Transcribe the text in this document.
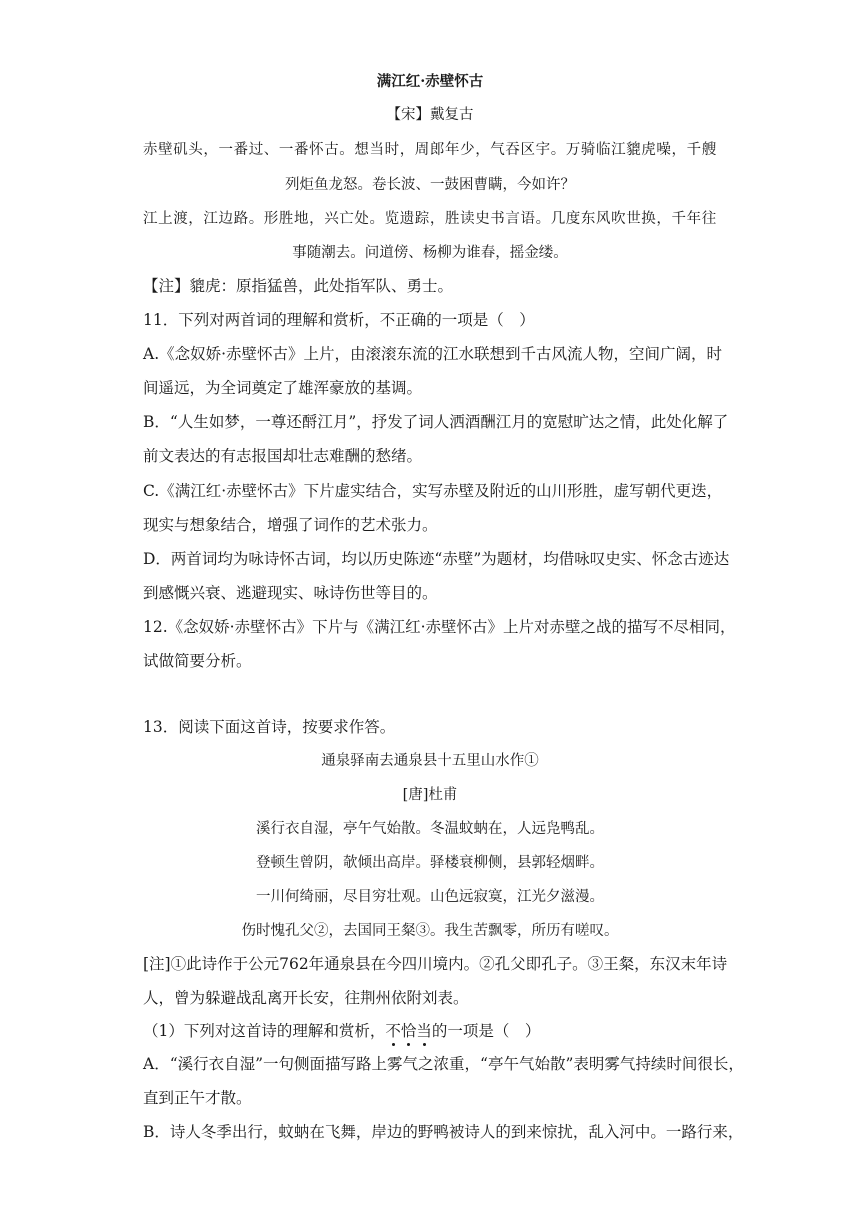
满江红·赤壁怀古
【宋】戴复古
赤壁矶头，一番过、一番怀古。想当时，周郎年少，气吞区宇。万骑临江貔虎噪，千艘
列炬鱼龙怒。卷长波、一鼓困曹瞒，今如许？
江上渡，江边路。形胜地，兴亡处。览遗踪，胜读史书言语。几度东风吹世换，千年往
事随潮去。问道傍、杨柳为谁春，摇金缕。
【注】貔虎：原指猛兽，此处指军队、勇士。
11．下列对两首词的理解和赏析，不正确的一项是（　）
A.《念奴娇·赤壁怀古》上片，由滚滚东流的江水联想到千古风流人物，空间广阔，时
间遥远，为全词奠定了雄浑豪放的基调。
B．“人生如梦，一尊还酹江月”，抒发了词人洒酒酬江月的宽慰旷达之情，此处化解了
前文表达的有志报国却壮志难酬的愁绪。
C.《满江红·赤壁怀古》下片虚实结合，实写赤壁及附近的山川形胜，虚写朝代更迭，
现实与想象结合，增强了词作的艺术张力。
D．两首词均为咏诗怀古词，均以历史陈迹“赤壁”为题材，均借咏叹史实、怀念古迹达
到感慨兴衰、逃避现实、咏诗伤世等目的。
12.《念奴娇·赤壁怀古》下片与《满江红·赤壁怀古》上片对赤壁之战的描写不尽相同，
试做简要分析。
13．阅读下面这首诗，按要求作答。
通泉驿南去通泉县十五里山水作①
[唐]杜甫
溪行衣自湿，亭午气始散。冬温蚊蚋在，人远凫鸭乱。
登顿生曾阴，欹倾出高岸。驿楼衰柳侧，县郭轻烟畔。
一川何绮丽，尽目穷壮观。山色远寂寞，江光夕滋漫。
伤时愧孔父②，去国同王粲③。我生苦飘零，所历有嗟叹。
[注]①此诗作于公元762年通泉县在今四川境内。②孔父即孔子。③王粲，东汉末年诗
人，曾为躲避战乱离开长安，往荆州依附刘表。
（1）下列对这首诗的理解和赏析，不
恰
当
的一项是（　）
A．“溪行衣自湿”一句侧面描写路上雾气之浓重，“亭午气始散”表明雾气持续时间很长，
直到正午才散。
B．诗人冬季出行，蚊蚋在飞舞，岸边的野鸭被诗人的到来惊扰，乱入河中。一路行来，
